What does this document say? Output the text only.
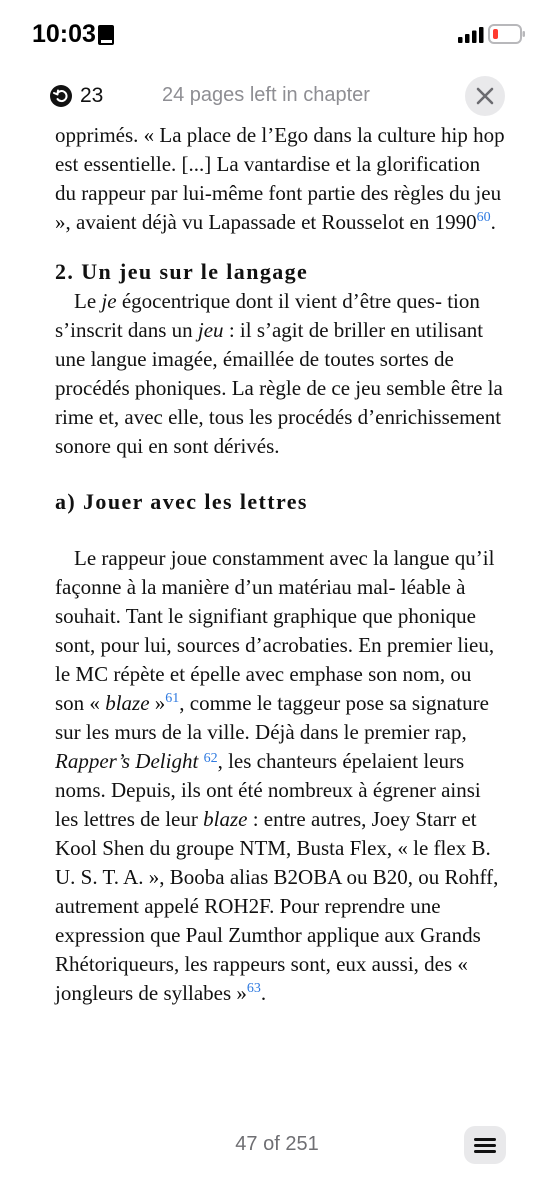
10:03
23	24 pages left in chapter

opprimés. « La place de l’Ego dans la culture hip hop est essentielle. [...] La vantardise et la glorification du rappeur par lui-même font partie des règles du jeu », avaient déjà vu Lapassade et Rousselot en 1990$^{60}$.

2. Un jeu sur le langage

Le je égocentrique dont il vient d’être ques- tion s’inscrit dans un jeu : il s’agit de briller en utilisant une langue imagée, émaillée de toutes sortes de procédés phoniques. La règle de ce jeu semble être la rime et, avec elle, tous les procédés d’enrichissement sonore qui en sont dérivés.

a) Jouer avec les lettres

Le rappeur joue constamment avec la langue qu’il façonne à la manière d’un matériau mal- léable à souhait. Tant le signifiant graphique que phonique sont, pour lui, sources d’acrobaties. En premier lieu, le MC répète et épelle avec emphase son nom, ou son « blaze »$^{61}$, comme le taggeur pose sa signature sur les murs de la ville. Déjà dans le premier rap, Rapper’s Delight $^{62}$, les chanteurs épelaient leurs noms. Depuis, ils ont été nombreux à égrener ainsi les lettres de leur blaze : entre autres, Joey Starr et Kool Shen du groupe NTM, Busta Flex, « le flex B. U. S. T. A. », Booba alias B2OBA ou B20, ou Rohff, autrement appelé ROH2F. Pour reprendre une expression que Paul Zumthor applique aux Grands Rhétoriqueurs, les rappeurs sont, eux aussi, des « jongleurs de syllabes »$^{63}$.

47 of 251
